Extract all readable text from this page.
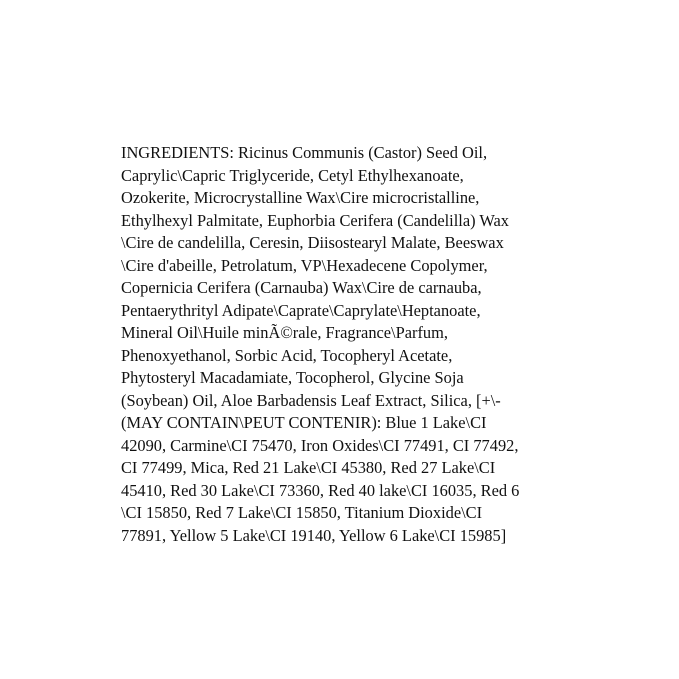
INGREDIENTS: Ricinus Communis (Castor) Seed Oil,
Caprylic\Capric Triglyceride, Cetyl Ethylhexanoate,
Ozokerite, Microcrystalline Wax\Cire microcristalline,
Ethylhexyl Palmitate, Euphorbia Cerifera (Candelilla) Wax
\Cire de candelilla, Ceresin, Diisostearyl Malate, Beeswax
\Cire d'abeille, Petrolatum, VP\Hexadecene Copolymer,
Copernicia Cerifera (Carnauba) Wax\Cire de carnauba,
Pentaerythrityl Adipate\Caprate\Caprylate\Heptanoate,
Mineral Oil\Huile minÃ©rale, Fragrance\Parfum,
Phenoxyethanol, Sorbic Acid, Tocopheryl Acetate,
Phytosteryl Macadamiate, Tocopherol, Glycine Soja
(Soybean) Oil, Aloe Barbadensis Leaf Extract, Silica, [+\-
(MAY CONTAIN\PEUT CONTENIR): Blue 1 Lake\CI
42090, Carmine\CI 75470, Iron Oxides\CI 77491, CI 77492,
CI 77499, Mica, Red 21 Lake\CI 45380, Red 27 Lake\CI
45410, Red 30 Lake\CI 73360, Red 40 lake\CI 16035, Red 6
\CI 15850, Red 7 Lake\CI 15850, Titanium Dioxide\CI
77891, Yellow 5 Lake\CI 19140, Yellow 6 Lake\CI 15985]
